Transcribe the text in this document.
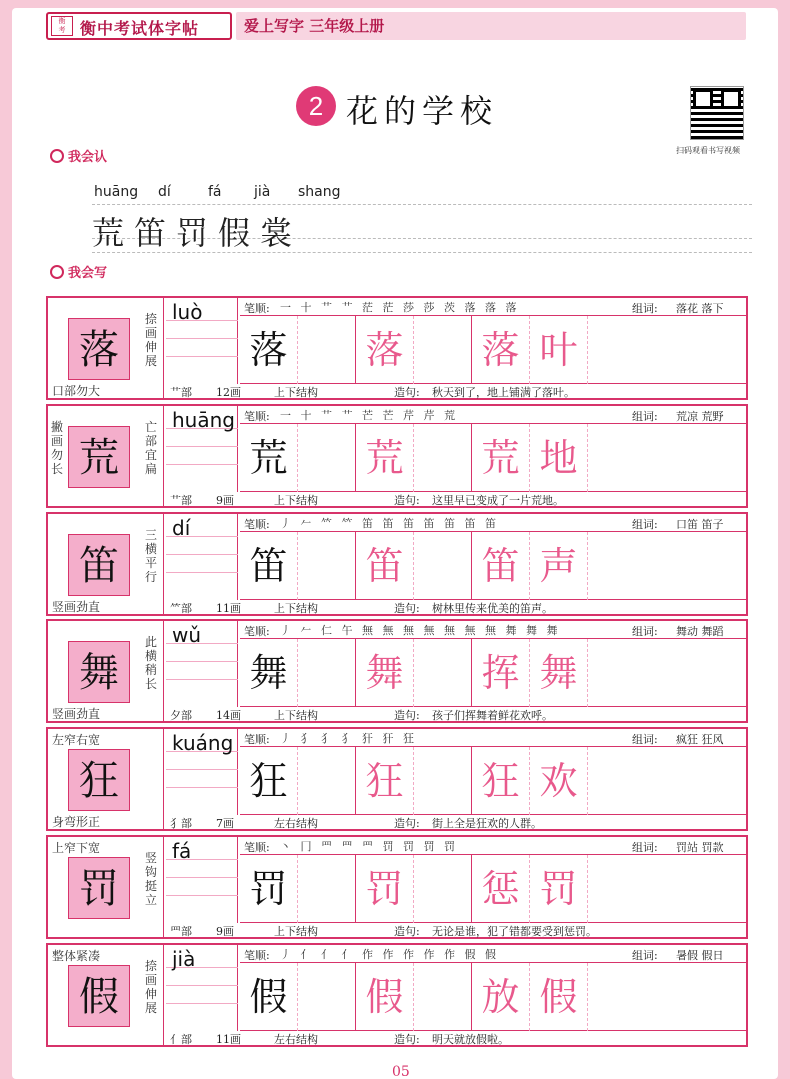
衡
考 衡中考试体字帖	爱上写字 三年级上册
2 花的学校
扫码观看书写视频
我会认
huāng dí	fá jià shang
荒笛罚假裳
我会写
捺画伸展
口部勿大
落
luò	笔顺: 一 十 艹 艹 茫 茫 莎 莎 茨 落 落 落	组词: 落花 落下
落 落 落 叶
艹部 12画	上下结构	造句: 秋天到了，地上铺满了落叶。
撇画勿长
亡部宜扁
荒
huāng 笔顺: 一 十 艹 艹 芒 芒 芹 芹 荒	组词: 荒凉 荒野
荒 荒 荒 地
艹部 9画	上下结构	造句: 这里早已变成了一片荒地。
三横平行
竖画劲直
笛
dí	笔顺: 丿 𠂉 𥫗 𥫗 笛 笛 笛 笛 笛 笛 笛	组词: 口笛 笛子
笛 笛 笛 声
⺮部 11画	上下结构	造句: 树林里传来优美的笛声。
此横稍长
竖画劲直
舞
wǔ	笔顺: 丿 𠂉 仁 午 無 無 無 無 無 無 無 舞 舞 舞	组词: 舞动 舞蹈
舞 舞 挥 舞
夕部 14画	上下结构	造句: 孩子们挥舞着鲜花欢呼。
左窄右宽
身弯形正
狂
kuáng 笔顺: 丿 犭 犭 犭 犴 犴 狂	组词: 疯狂 狂风
狂 狂 狂 欢
犭部 7画	左右结构	造句: 街上全是狂欢的人群。
上窄下宽
竖钩挺立
罚
fá	笔顺: 丶 冂 罒 罒 罒 罚 罚 罚 罚	组词: 罚站 罚款
罚 罚 惩 罚
罒部 9画	上下结构	造句: 无论是谁，犯了错都要受到惩罚。
整体紧凑
捺画伸展
假
jià	笔顺: 丿 亻 亻 亻 作 作 作 作 作 假 假	组词: 暑假 假日
假 假 放 假
亻部 11画	左右结构	造句: 明天就放假啦。
05
